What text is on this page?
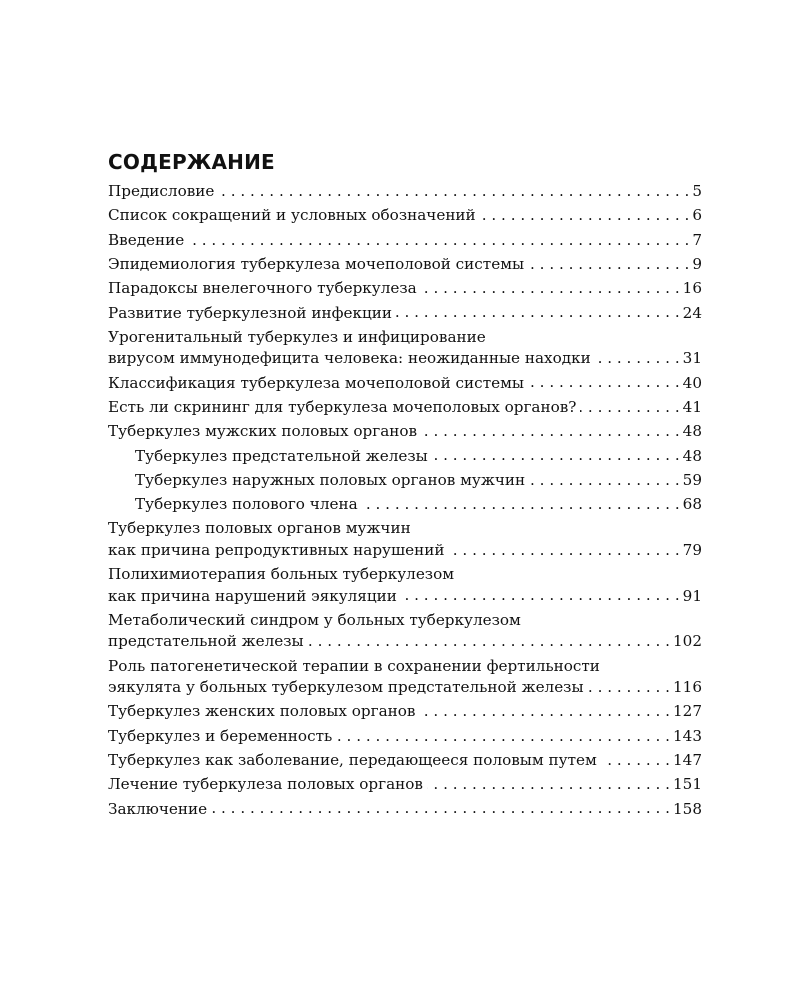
СОДЕРЖАНИЕ
Предисловие . . .	5
Список сокращений и условных обозначений . . .	6
Введение . . .	7
Эпидемиология туберкулеза мочеполовой системы . . .	9
Парадоксы внелегочного туберкулеза . . .	16
Развитие туберкулезной инфекции . . .	24
Урогенитальный туберкулез и инфицирование
вирусом иммунодефицита человека: неожиданные находки . . .	31
Классификация туберкулеза мочеполовой системы . . .	40
Есть ли скрининг для туберкулеза мочеполовых органов? . . .	41
Туберкулез мужских половых органов . . .	48
Туберкулез предстательной железы . . .	48
Туберкулез наружных половых органов мужчин . . .	59
Туберкулез полового члена . . .	68
Туберкулез половых органов мужчин
как причина репродуктивных нарушений . . .	79
Полихимиотерапия больных туберкулезом
как причина нарушений эякуляции . . .	91
Метаболический синдром у больных туберкулезом
предстательной железы . . .	102
Роль патогенетической терапии в сохранении фертильности
эякулята у больных туберкулезом предстательной железы . . .	116
Туберкулез женских половых органов . . .	127
Туберкулез и беременность . . .	143
Туберкулез как заболевание, передающееся половым путем . . .	147
Лечение туберкулеза половых органов . . .	151
Заключение . . .	158
